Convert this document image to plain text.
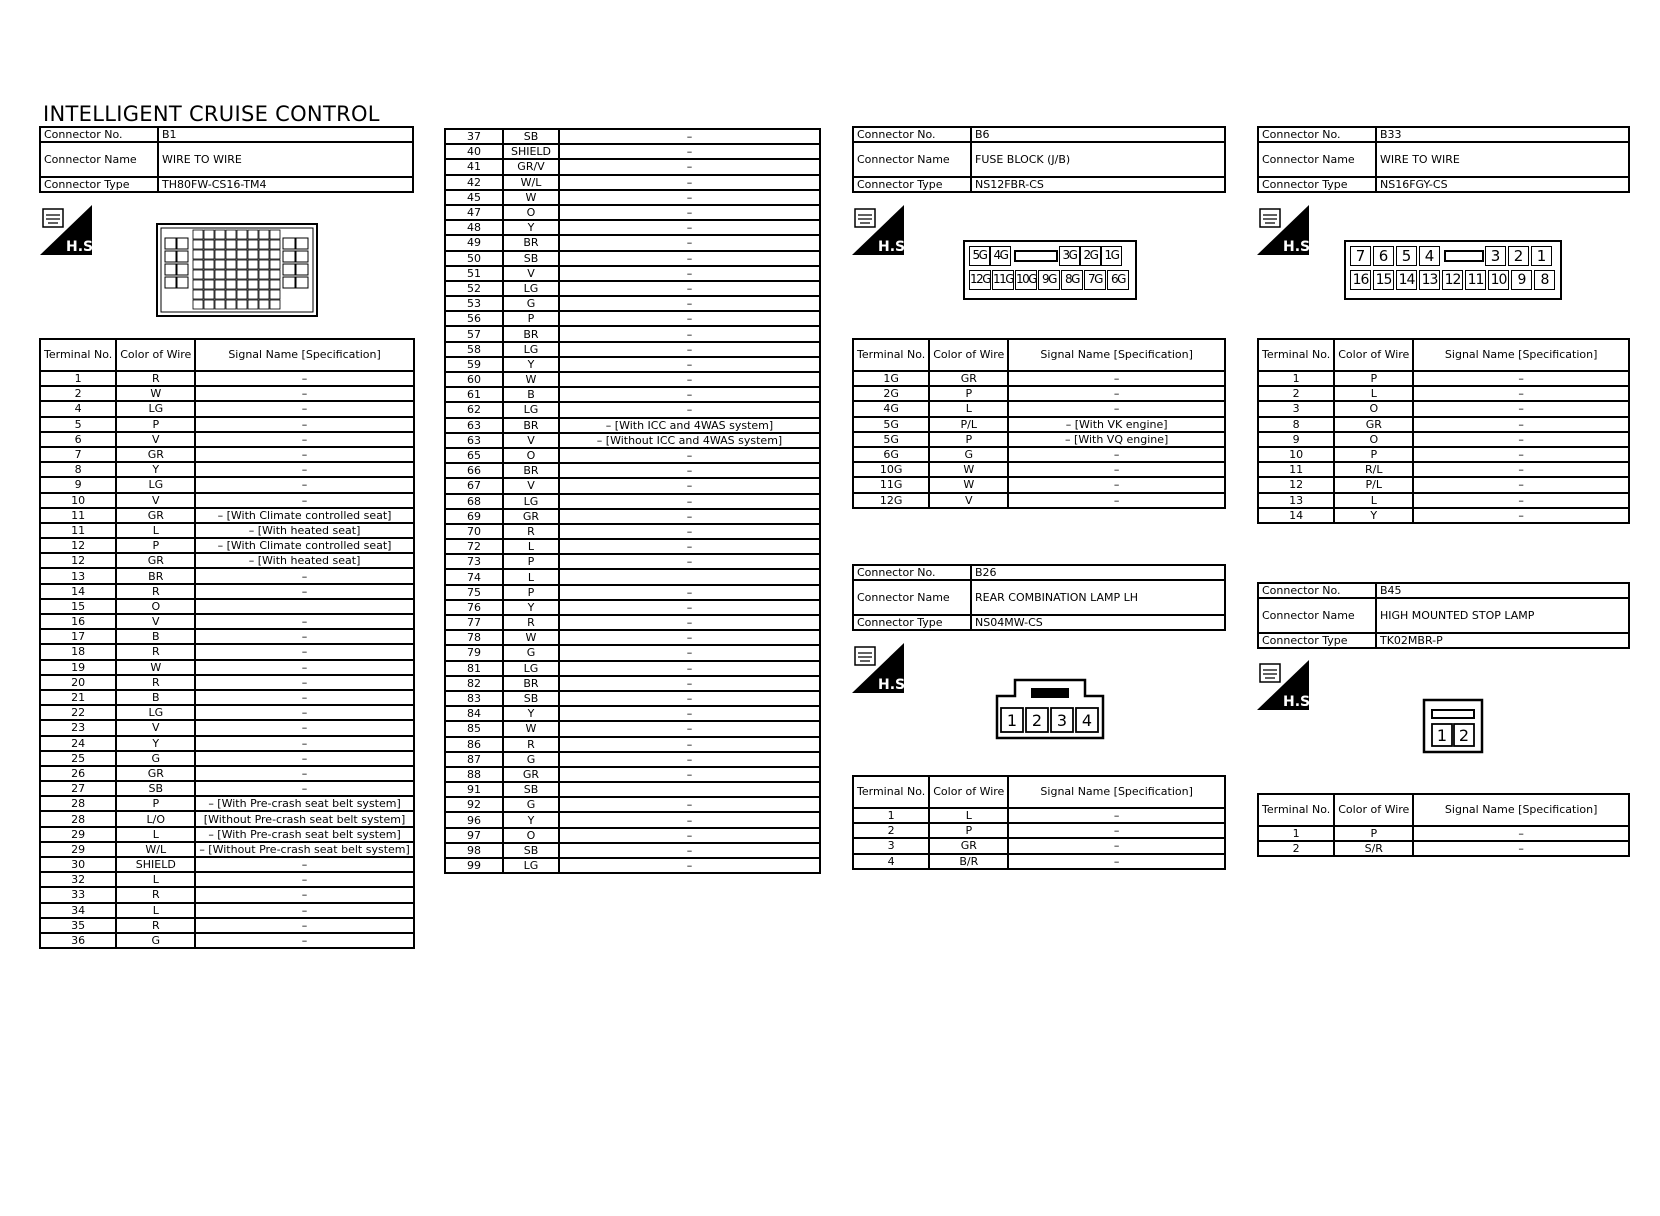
INTELLIGENT CRUISE CONTROL
Connector No.	B1
Connector Name	WIRE TO WIRE
Connector Type	TH80FW-CS16-TM4
H.S.
Terminal No.	Color of Wire	Signal Name [Specification]
1	R	–
2	W	–
4	LG	–
5	P	–
6	V	–
7	GR	–
8	Y	–
9	LG	–
10	V	–
11	GR	– [With Climate controlled seat]
11	L	– [With heated seat]
12	P	– [With Climate controlled seat]
12	GR	– [With heated seat]
13	BR	–
14	R	–
15	O	
16	V	–
17	B	–
18	R	–
19	W	–
20	R	–
21	B	–
22	LG	–
23	V	–
24	Y	–
25	G	–
26	GR	–
27	SB	–
28	P	– [With Pre-crash seat belt system]
28	L/O	[Without Pre-crash seat belt system]
29	L	– [With Pre-crash seat belt system]
29	W/L	– [Without Pre-crash seat belt system]
30	SHIELD	–
32	L	–
33	R	–
34	L	–
35	R	–
36	G	–
37	SB	–
40	SHIELD	–
41	GR/V	–
42	W/L	–
45	W	–
47	O	–
48	Y	–
49	BR	–
50	SB	–
51	V	–
52	LG	–
53	G	–
56	P	–
57	BR	–
58	LG	–
59	Y	–
60	W	–
61	B	–
62	LG	–
63	BR	– [With ICC and 4WAS system]
63	V	– [Without ICC and 4WAS system]
65	O	–
66	BR	–
67	V	–
68	LG	–
69	GR	–
70	R	–
72	L	–
73	P	–
74	L	
75	P	–
76	Y	–
77	R	–
78	W	–
79	G	–
81	LG	–
82	BR	–
83	SB	–
84	Y	–
85	W	–
86	R	–
87	G	–
88	GR	–
91	SB	
92	G	–
96	Y	–
97	O	–
98	SB	–
99	LG	–
Connector No.	B6
Connector Name	FUSE BLOCK (J/B)
Connector Type	NS12FBR-CS
H.S.	5G 4G	3G 2G 1G
12G 11G 10G 9G 8G 7G 6G
Terminal No.	Color of Wire	Signal Name [Specification]
1G	GR	–
2G	P	–
4G	L	–
5G	P/L	– [With VK engine]
5G	P	– [With VQ engine]
6G	G	–
10G	W	–
11G	W	–
12G	V	–
Connector No.	B26
Connector Name	REAR COMBINATION LAMP LH
Connector Type	NS04MW-CS
H.S.
1 2 3 4
Terminal No.	Color of Wire	Signal Name [Specification]
1	L	–
2	P	–
3	GR	–
4	B/R	–
Connector No.	B33
Connector Name	WIRE TO WIRE
Connector Type	NS16FGY-CS
H.S.	7 6 5 4	3 2 1
16 15 14 13 12 11 10 9	8
Terminal No.	Color of Wire	Signal Name [Specification]
1	P	–
2	L	–
3	O	–
8	GR	–
9	O	–
10	P	–
11	R/L	–
12	P/L	–
13	L	–
14	Y	–
Connector No.	B45
Connector Name	HIGH MOUNTED STOP LAMP
Connector Type	TK02MBR-P
H.S.
1 2
Terminal No.	Color of Wire	Signal Name [Specification]
1	P	–
2	S/R	–
